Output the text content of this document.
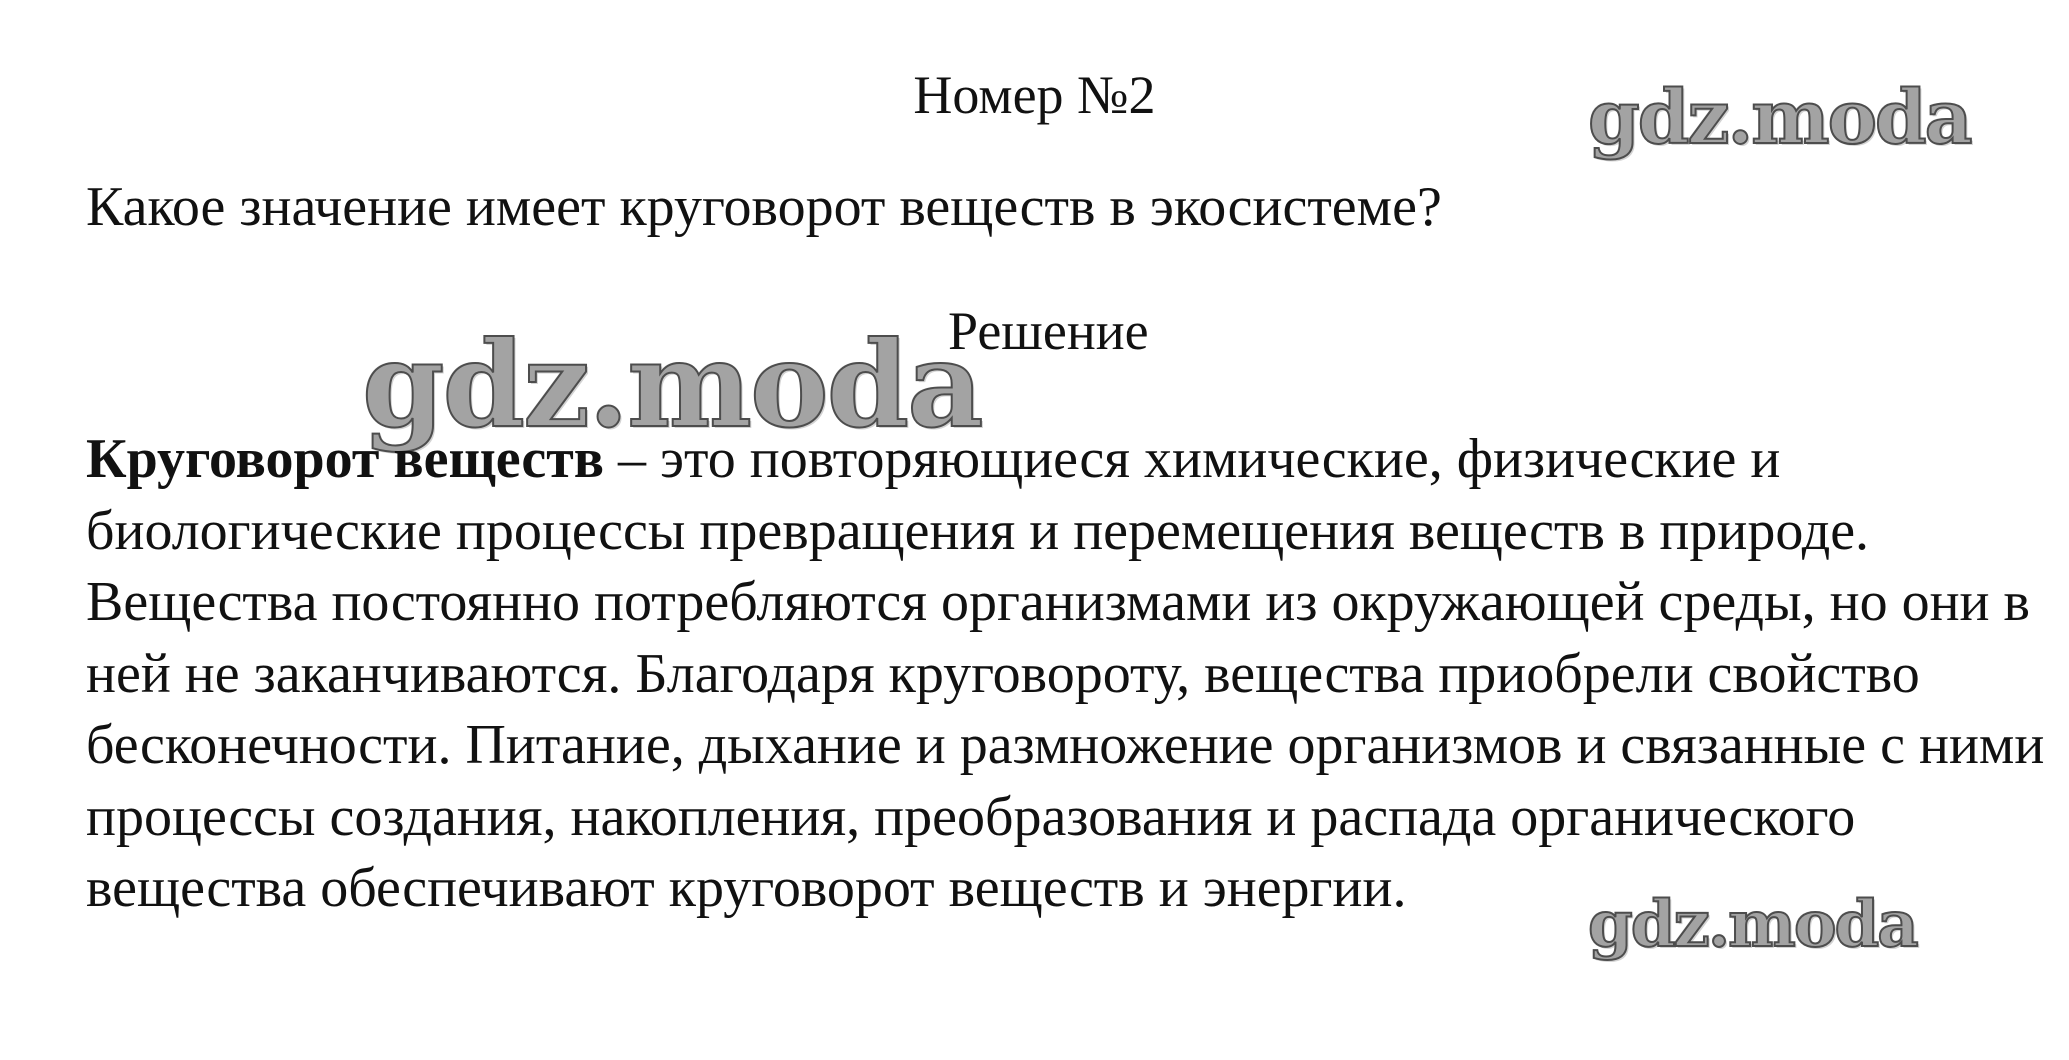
Номер №2	gdz.moda
Какое значение имеет круговорот веществ в экосистеме?
gdz.moda
Решение

Круговорот веществ – это повторяющиеся химические, физические и биологические процессы превращения и перемещения веществ в природе. Вещества постоянно потребляются организмами из окружающей среды, но они в ней не заканчиваются. Благодаря круговороту, вещества приобрели свойство бесконечности. Питание, дыхание и размножение организмов и связанные с ними процессы создания, накопления, преобразования и распада органического вещества обеспечивают круговорот веществ и энергии.	gdz.moda
